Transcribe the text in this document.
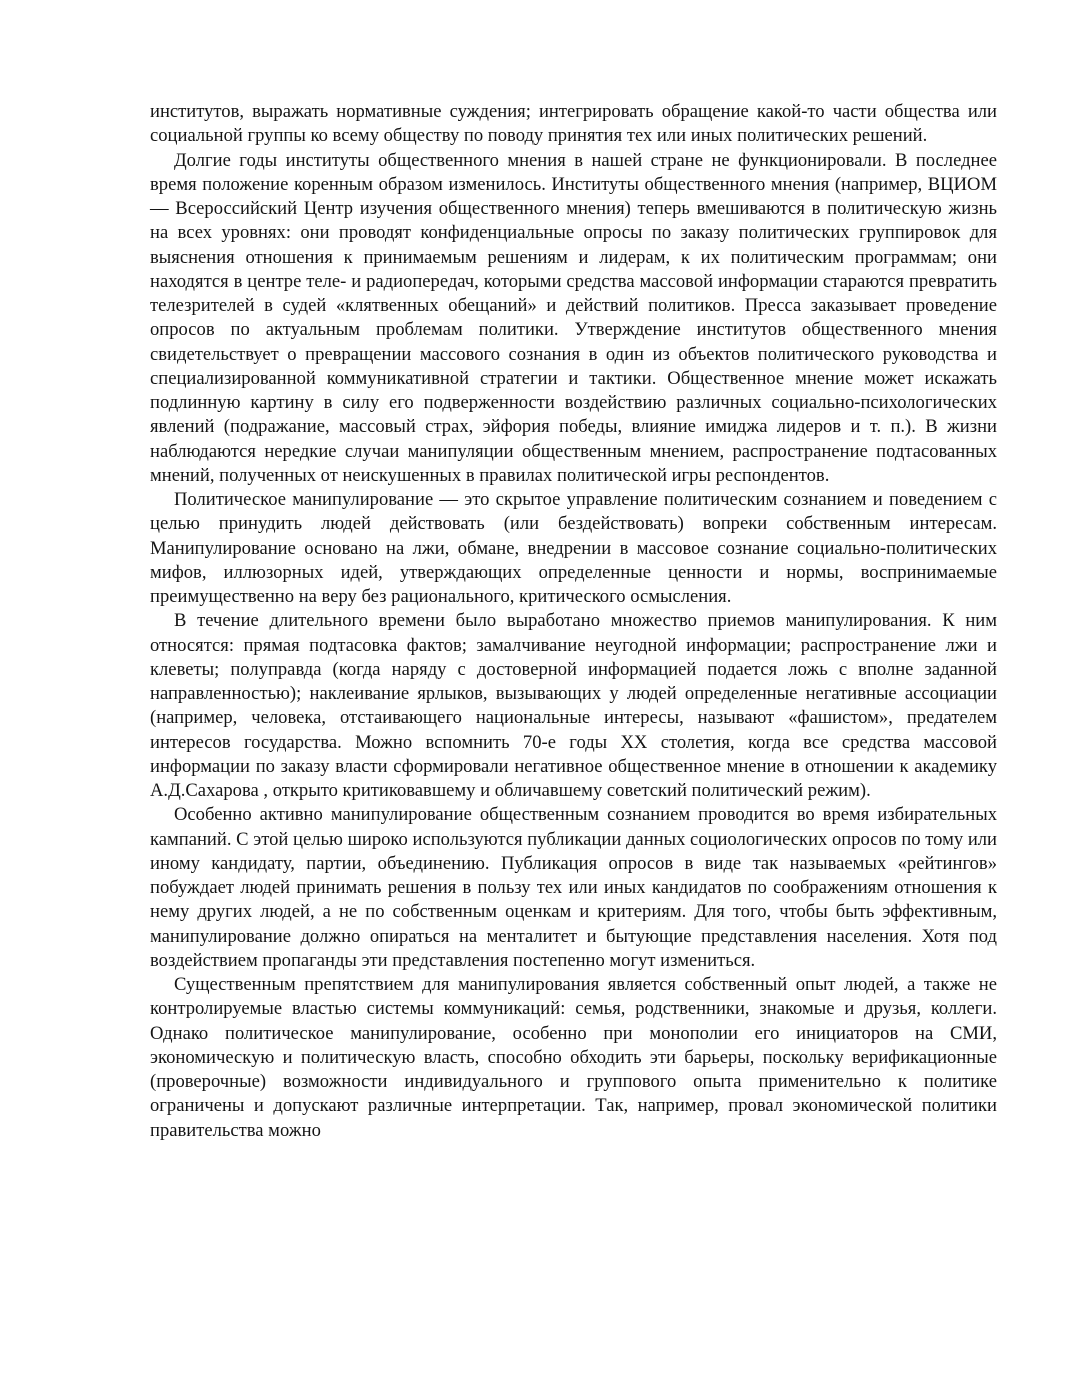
институтов, выражать нормативные суждения; интегрировать обращение какой-то части общества или социальной группы ко всему обществу по поводу принятия тех или иных политических решений.

Долгие годы институты общественного мнения в нашей стране не функционировали. В последнее время положение коренным образом изменилось. Институты общественного мнения (например, ВЦИОМ — Всероссийский Центр изучения общественного мнения) теперь вмешиваются в политическую жизнь на всех уровнях: они проводят конфиденциальные опросы по заказу политических группировок для выяснения отношения к принимаемым решениям и лидерам, к их политическим программам; они находятся в центре теле- и радиопередач, которыми средства массовой информации стараются превратить телезрителей в судей «клятвенных обещаний» и действий политиков. Пресса заказывает проведение опросов по актуальным проблемам политики. Утверждение институтов общественного мнения свидетельствует о превращении массового сознания в один из объектов политического руководства и специализированной коммуникативной стратегии и тактики. Общественное мнение может искажать подлинную картину в силу его подверженности воздействию различных социально-психологических явлений (подражание, массовый страх, эйфория победы, влияние имиджа лидеров и т. п.). В жизни наблюдаются нередкие случаи манипуляции общественным мнением, распространение подтасованных мнений, полученных от неискушенных в правилах политической игры респондентов.

Политическое манипулирование — это скрытое управление политическим сознанием и поведением с целью принудить людей действовать (или бездействовать) вопреки собственным интересам. Манипулирование основано на лжи, обмане, внедрении в массовое сознание социально-политических мифов, иллюзорных идей, утверждающих определенные ценности и нормы, воспринимаемые преимущественно на веру без рационального, критического осмысления.

В течение длительного времени было выработано множество приемов манипулирования. К ним относятся: прямая подтасовка фактов; замалчивание неугодной информации; распространение лжи и клеветы; полуправда (когда наряду с достоверной информацией подается ложь с вполне заданной направленностью); наклеивание ярлыков, вызывающих у людей определенные негативные ассоциации (например, человека, отстаивающего национальные интересы, называют «фашистом», предателем интересов государства. Можно вспомнить 70-е годы XX столетия, когда все средства массовой информации по заказу власти сформировали негативное общественное мнение в отношении к академику А.Д.Сахарова , открыто критиковавшему и обличавшему советский политический режим).

Особенно активно манипулирование общественным сознанием проводится во время избирательных кампаний. С этой целью широко используются публикации данных социологических опросов по тому или иному кандидату, партии, объединению. Публикация опросов в виде так называемых «рейтингов» побуждает людей принимать решения в пользу тех или иных кандидатов по соображениям отношения к нему других людей, а не по собственным оценкам и критериям. Для того, чтобы быть эффективным, манипулирование должно опираться на менталитет и бытующие представления населения. Хотя под воздействием пропаганды эти представления постепенно могут измениться.

Существенным препятствием для манипулирования является собственный опыт людей, а также не контролируемые властью системы коммуникаций: семья, родственники, знакомые и друзья, коллеги. Однако политическое манипулирование, особенно при монополии его инициаторов на СМИ, экономическую и политическую власть, способно обходить эти барьеры, поскольку верификационные (проверочные) возможности индивидуального и группового опыта применительно к политике ограничены и допускают различные интерпретации. Так, например, провал экономической политики правительства можно
